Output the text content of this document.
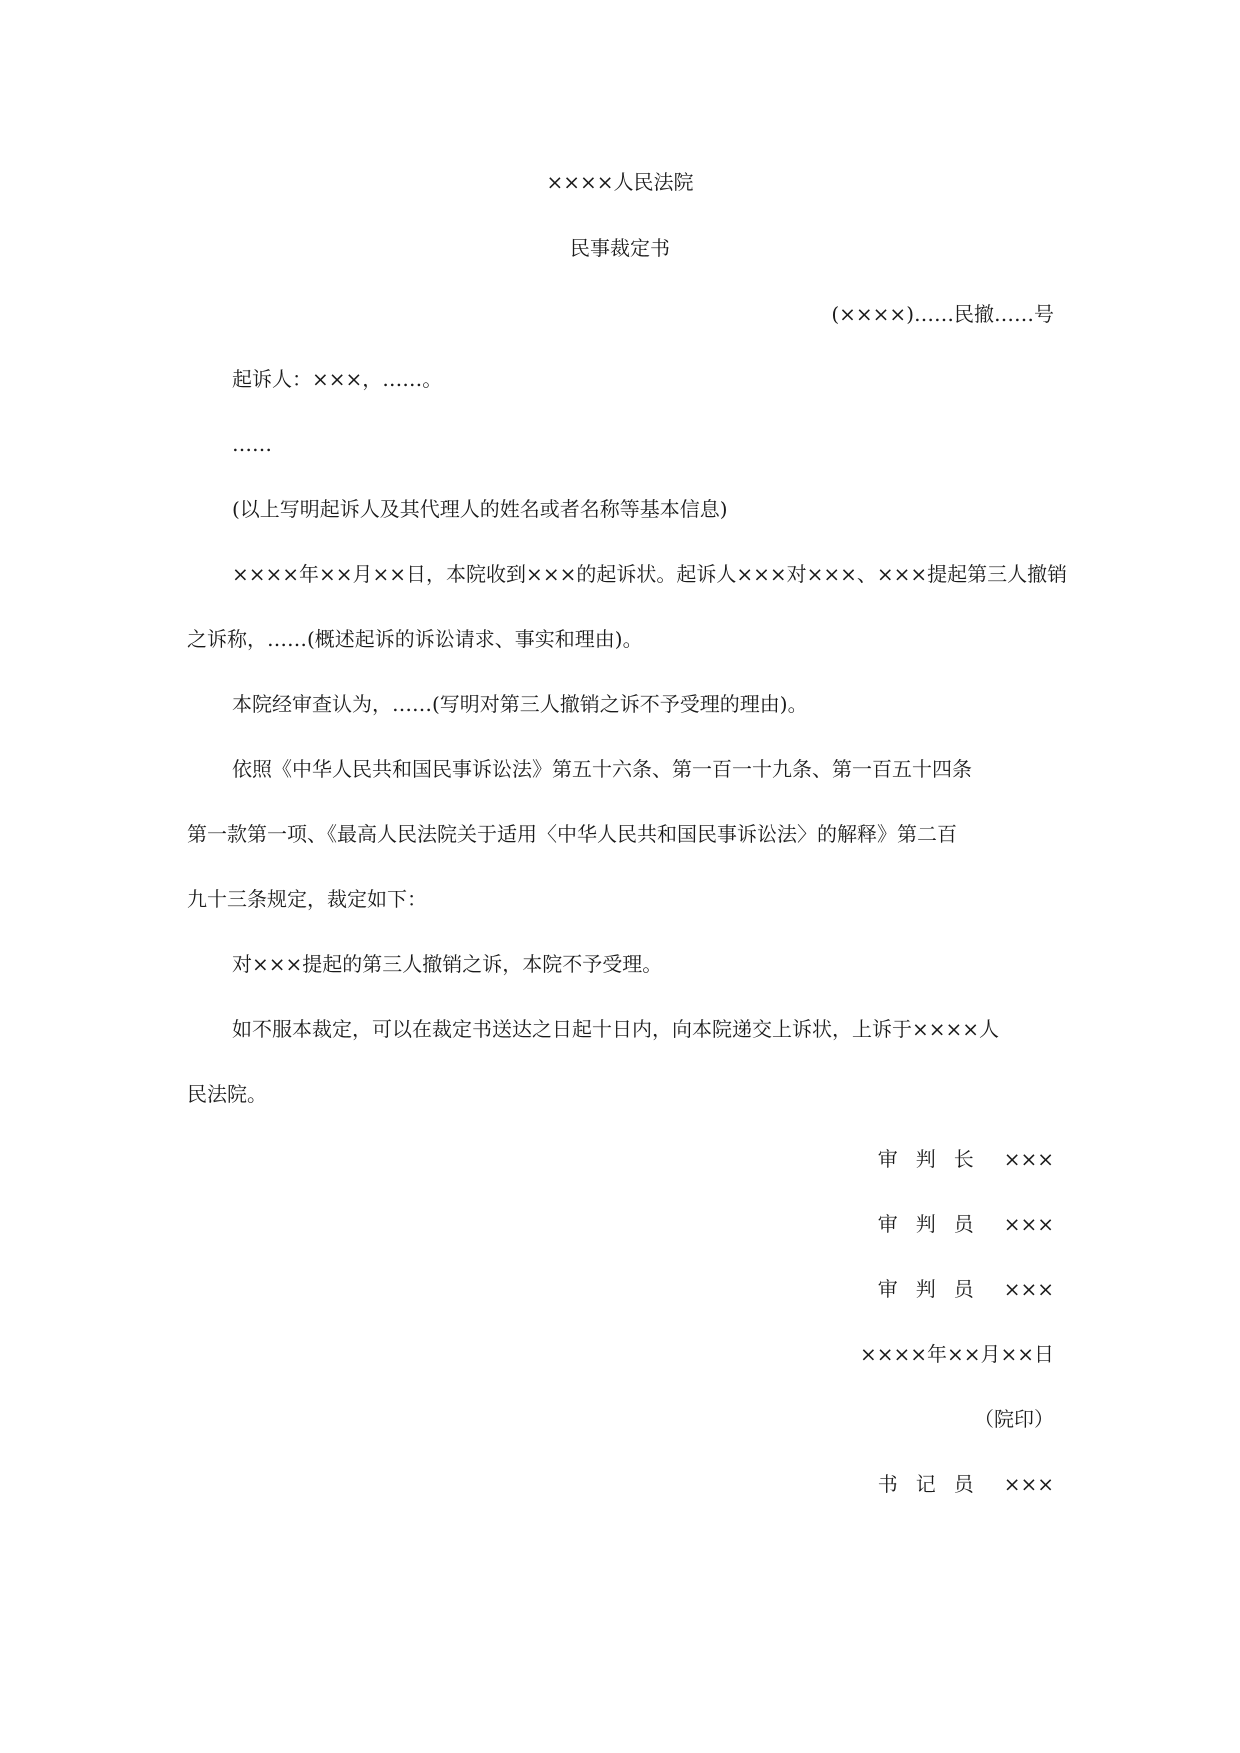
××××人民法院
民事裁定书
(××××)……民撤……号
起诉人：×××，……。
……
(以上写明起诉人及其代理人的姓名或者名称等基本信息)
××××年××月××日，本院收到×××的起诉状。起诉人×××对×××、×××提起第三人撤销
之诉称，……(概述起诉的诉讼请求、事实和理由)。
本院经审查认为，……(写明对第三人撤销之诉不予受理的理由)。
依照《中华人民共和国民事诉讼法》第五十六条、第一百一十九条、第一百五十四条
第一款第一项、《最高人民法院关于适用〈中华人民共和国民事诉讼法〉的解释》第二百
九十三条规定，裁定如下：
对×××提起的第三人撤销之诉，本院不予受理。
如不服本裁定，可以在裁定书送达之日起十日内，向本院递交上诉状，上诉于××××人
民法院。
审判长 ×××
审判员 ×××
审判员 ×××
××××年××月××日
（院印）
书记员 ×××
